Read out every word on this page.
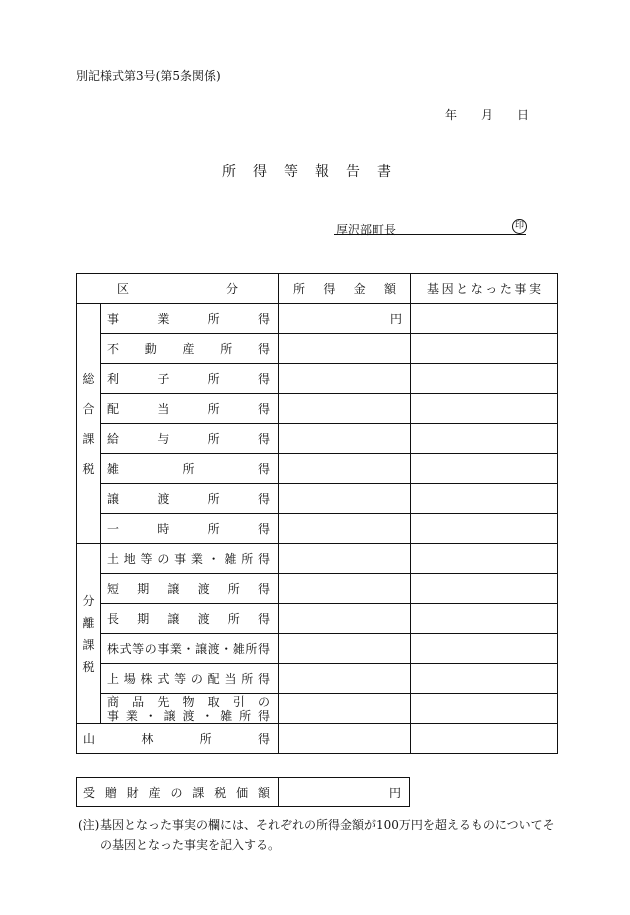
別記様式第3号(第5条関係)
年 月 日
所得等報告書
厚沢部町長	印
区分		所得金額	基因となった事実

総
合
課
税	事業所得	円	
	不動産所得		
	利子所得		
	配当所得		
	給与所得		
	雑所得		
	譲渡所得		
	一時所得		

分
離
課
税	土地等の事業・雑所得		
	短期譲渡所得		
	長期譲渡所得		
	株式等の事業・譲渡・雑所得		
	上場株式等の配当所得		

	商品先物取引の
事業・譲渡・雑所得		

山林所得			
受贈財産の課税価額	円
(注) 基因となった事実の欄には、それぞれの所得金額が100万円を超えるものについてその基因となった事実を記入する。
